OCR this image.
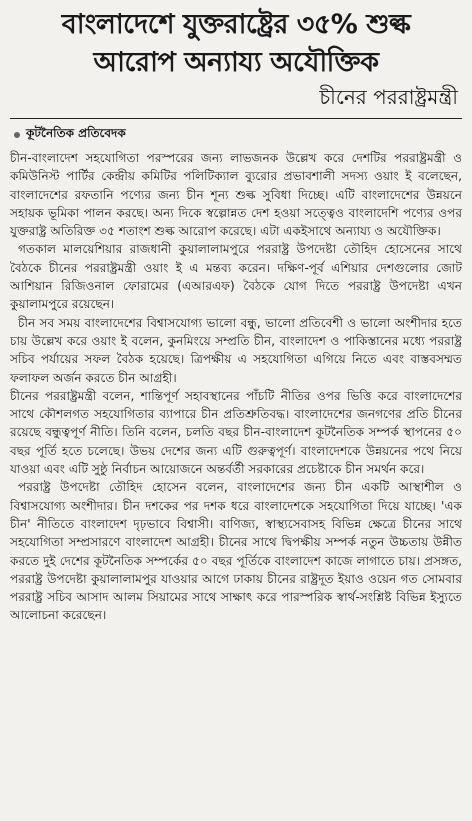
বাংলাদেশে যুক্তরাষ্ট্রের ৩৫% শুল্ক
আরোপ অন্যায্য অযৌক্তিক
চীনের পররাষ্ট্রমন্ত্রী
কূটনৈতিক প্রতিবেদক

চীন-বাংলাদেশ সহযোগিতা পরস্পরের জন্য লাভজনক উল্লেখ করে দেশটির পররাষ্ট্রমন্ত্রী ও কমিউনিস্ট পার্টির কেন্দ্রীয় কমিটির পলিটিক্যাল ব্যুরোর প্রভাবশালী সদস্য ওয়াং ই বলেছেন, বাংলাদেশের রফতানি পণ্যের জন্য চীন শূন্য শুল্ক সুবিধা দিচ্ছে। এটি বাংলাদেশের উন্নয়নে সহায়ক ভূমিকা পালন করছে। অন্য দিকে স্বল্পোন্নত দেশ হওয়া সত্ত্বেও বাংলাদেশি পণ্যের ওপর যুক্তরাষ্ট্র অতিরিক্ত ৩৫ শতাংশ শুল্ক আরোপ করেছে। এটা একইসাথে অন্যায্য ও অযৌক্তিক।

গতকাল মালয়েশিয়ার রাজধানী কুয়ালালামপুরে পররাষ্ট্র উপদেষ্টা তৌহিদ হোসেনের সাথে বৈঠকে চীনের পররাষ্ট্রমন্ত্রী ওয়াং ই এ মন্তব্য করেন। দক্ষিণ-পূর্ব এশিয়ার দেশগুলোর জোট আশিয়ান রিজিওনাল ফোরামের (এআরএফ) বৈঠকে যোগ দিতে পররাষ্ট্র উপদেষ্টা এখন কুয়ালামপুরে রয়েছেন।

চীন সব সময় বাংলাদেশের বিশ্বাসযোগ্য ভালো বন্ধু, ভালো প্রতিবেশী ও ভালো অংশীদার হতে চায় উল্লেখ করে ওয়াং ই বলেন, কুনমিংয়ে সম্প্রতি চীন, বাংলাদেশ ও পাকিস্তানের মধ্যে পররাষ্ট্র সচিব পর্যায়ের সফল বৈঠক হয়েছে। ত্রিপক্ষীয় এ সহযোগিতা এগিয়ে নিতে এবং বাস্তবসম্মত ফলাফল অর্জন করতে চীন আগ্রহী।

চীনের পররাষ্ট্রমন্ত্রী বলেন, শান্তিপূর্ণ সহাবস্থানের পাঁচটি নীতির ওপর ভিত্তি করে বাংলাদেশের সাথে কৌশলগত সহযোগিতার ব্যাপারে চীন প্রতিশ্রুতিবদ্ধ। বাংলাদেশের জনগণের প্রতি চীনের রয়েছে বন্ধুত্বপূর্ণ নীতি। তিনি বলেন, চলতি বছর চীন-বাংলাদেশ কূটনৈতিক সম্পর্ক স্থাপনের ৫০ বছর পূর্তি হতে চলেছে। উভয় দেশের জন্য এটি গুরুত্বপূর্ণ। বাংলাদেশকে উন্নয়নের পথে নিয়ে যাওয়া এবং এটি সুষ্ঠু নির্বাচন আয়োজনে অন্তর্বর্তী সরকারের প্রচেষ্টাকে চীন সমর্থন করে।

পররাষ্ট্র উপদেষ্টা তৌহিদ হোসেন বলেন, বাংলাদেশের জন্য চীন একটি আস্থাশীল ও বিশ্বাসযোগ্য অংশীদার। চীন দশকের পর দশক ধরে বাংলাদেশকে সহযোগিতা দিয়ে যাচ্ছে। 'এক চীন' নীতিতে বাংলাদেশ দৃঢ়ভাবে বিশ্বাসী। বাণিজ্য, স্বাস্থ্যসেবাসহ বিভিন্ন ক্ষেত্রে চীনের সাথে সহযোগিতা সম্প্রসারণে বাংলাদেশ আগ্রহী। চীনের সাথে দ্বিপক্ষীয় সম্পর্ক নতুন উচ্চতায় উন্নীত করতে দুই দেশের কূটনৈতিক সম্পর্কের ৫০ বছর পূর্তিকে বাংলাদেশ কাজে লাগাতে চায়। প্রসঙ্গত, পররাষ্ট্র উপদেষ্টা কুয়ালালামপুর যাওয়ার আগে ঢাকায় চীনের রাষ্ট্রদূত ইয়াও ওয়েন গত সোমবার পররাষ্ট্র সচিব আসাদ আলম সিয়ামের সাথে সাক্ষাৎ করে পারস্পরিক স্বার্থ-সংশ্লিষ্ট বিভিন্ন ইস্যুতে আলোচনা করেছেন।
